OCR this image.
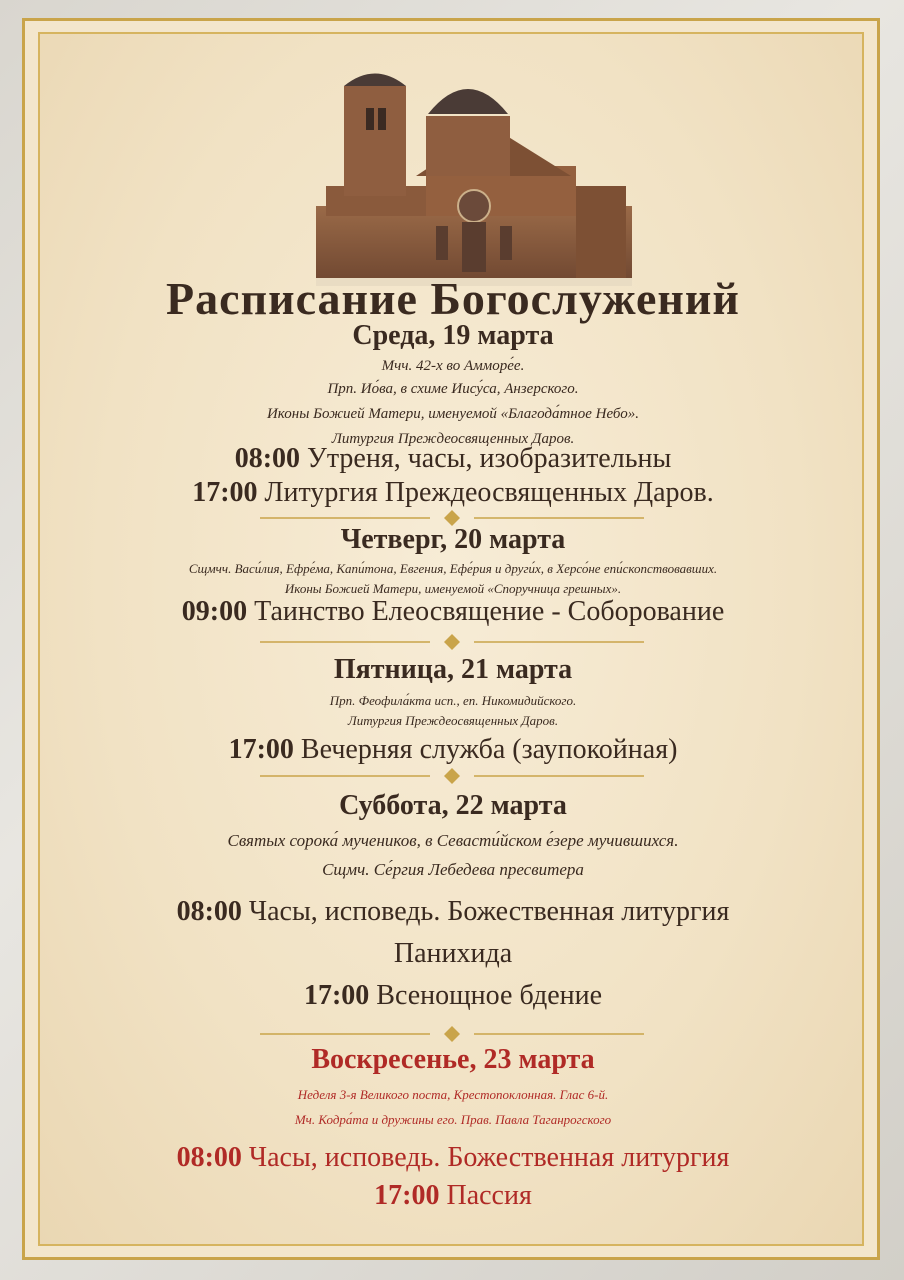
Расписание Богослужений

Среда, 19 марта

Мчч. 42-х во Амморе́е.

Прп. Ио́ва, в схиме Иису́са, Анзерского.

Иконы Божией Матери, именуемой «Благода́тное Небо».

Литургия Преждеосвященных Даров.

08:00 Утреня, часы, изобразительны

17:00 Литургия Преждеосвященных Даров.

Четверг, 20 марта

Сщмчч. Васи́лия, Ефре́ма, Капи́тона, Евгения, Ефе́рия и други́х, в Херсо́не епи́скопствовавших.

Иконы Божией Матери, именуемой «Споручница грешных».

09:00 Таинство Елеосвящение - Соборование

Пятница, 21 марта

Прп. Феофила́кта исп., еп. Никомидийского.

Литургия Преждеосвященных Даров.

17:00 Вечерняя служба (заупокойная)

Суббота, 22 марта

Святых сорока́ мучеников, в Севасти́йском е́зере мучившихся.

Сщмч. Се́ргия Лебедева пресвитера

08:00 Часы, исповедь. Божественная литургия

Панихида

17:00 Всенощное бдение

Воскресенье, 23 марта

Неделя 3-я Великого поста, Крестопоклонная. Глас 6-й.

Мч. Кодра́та и дружины его. Прав. Павла Таганрогского

08:00 Часы, исповедь. Божественная литургия

17:00 Пассия
